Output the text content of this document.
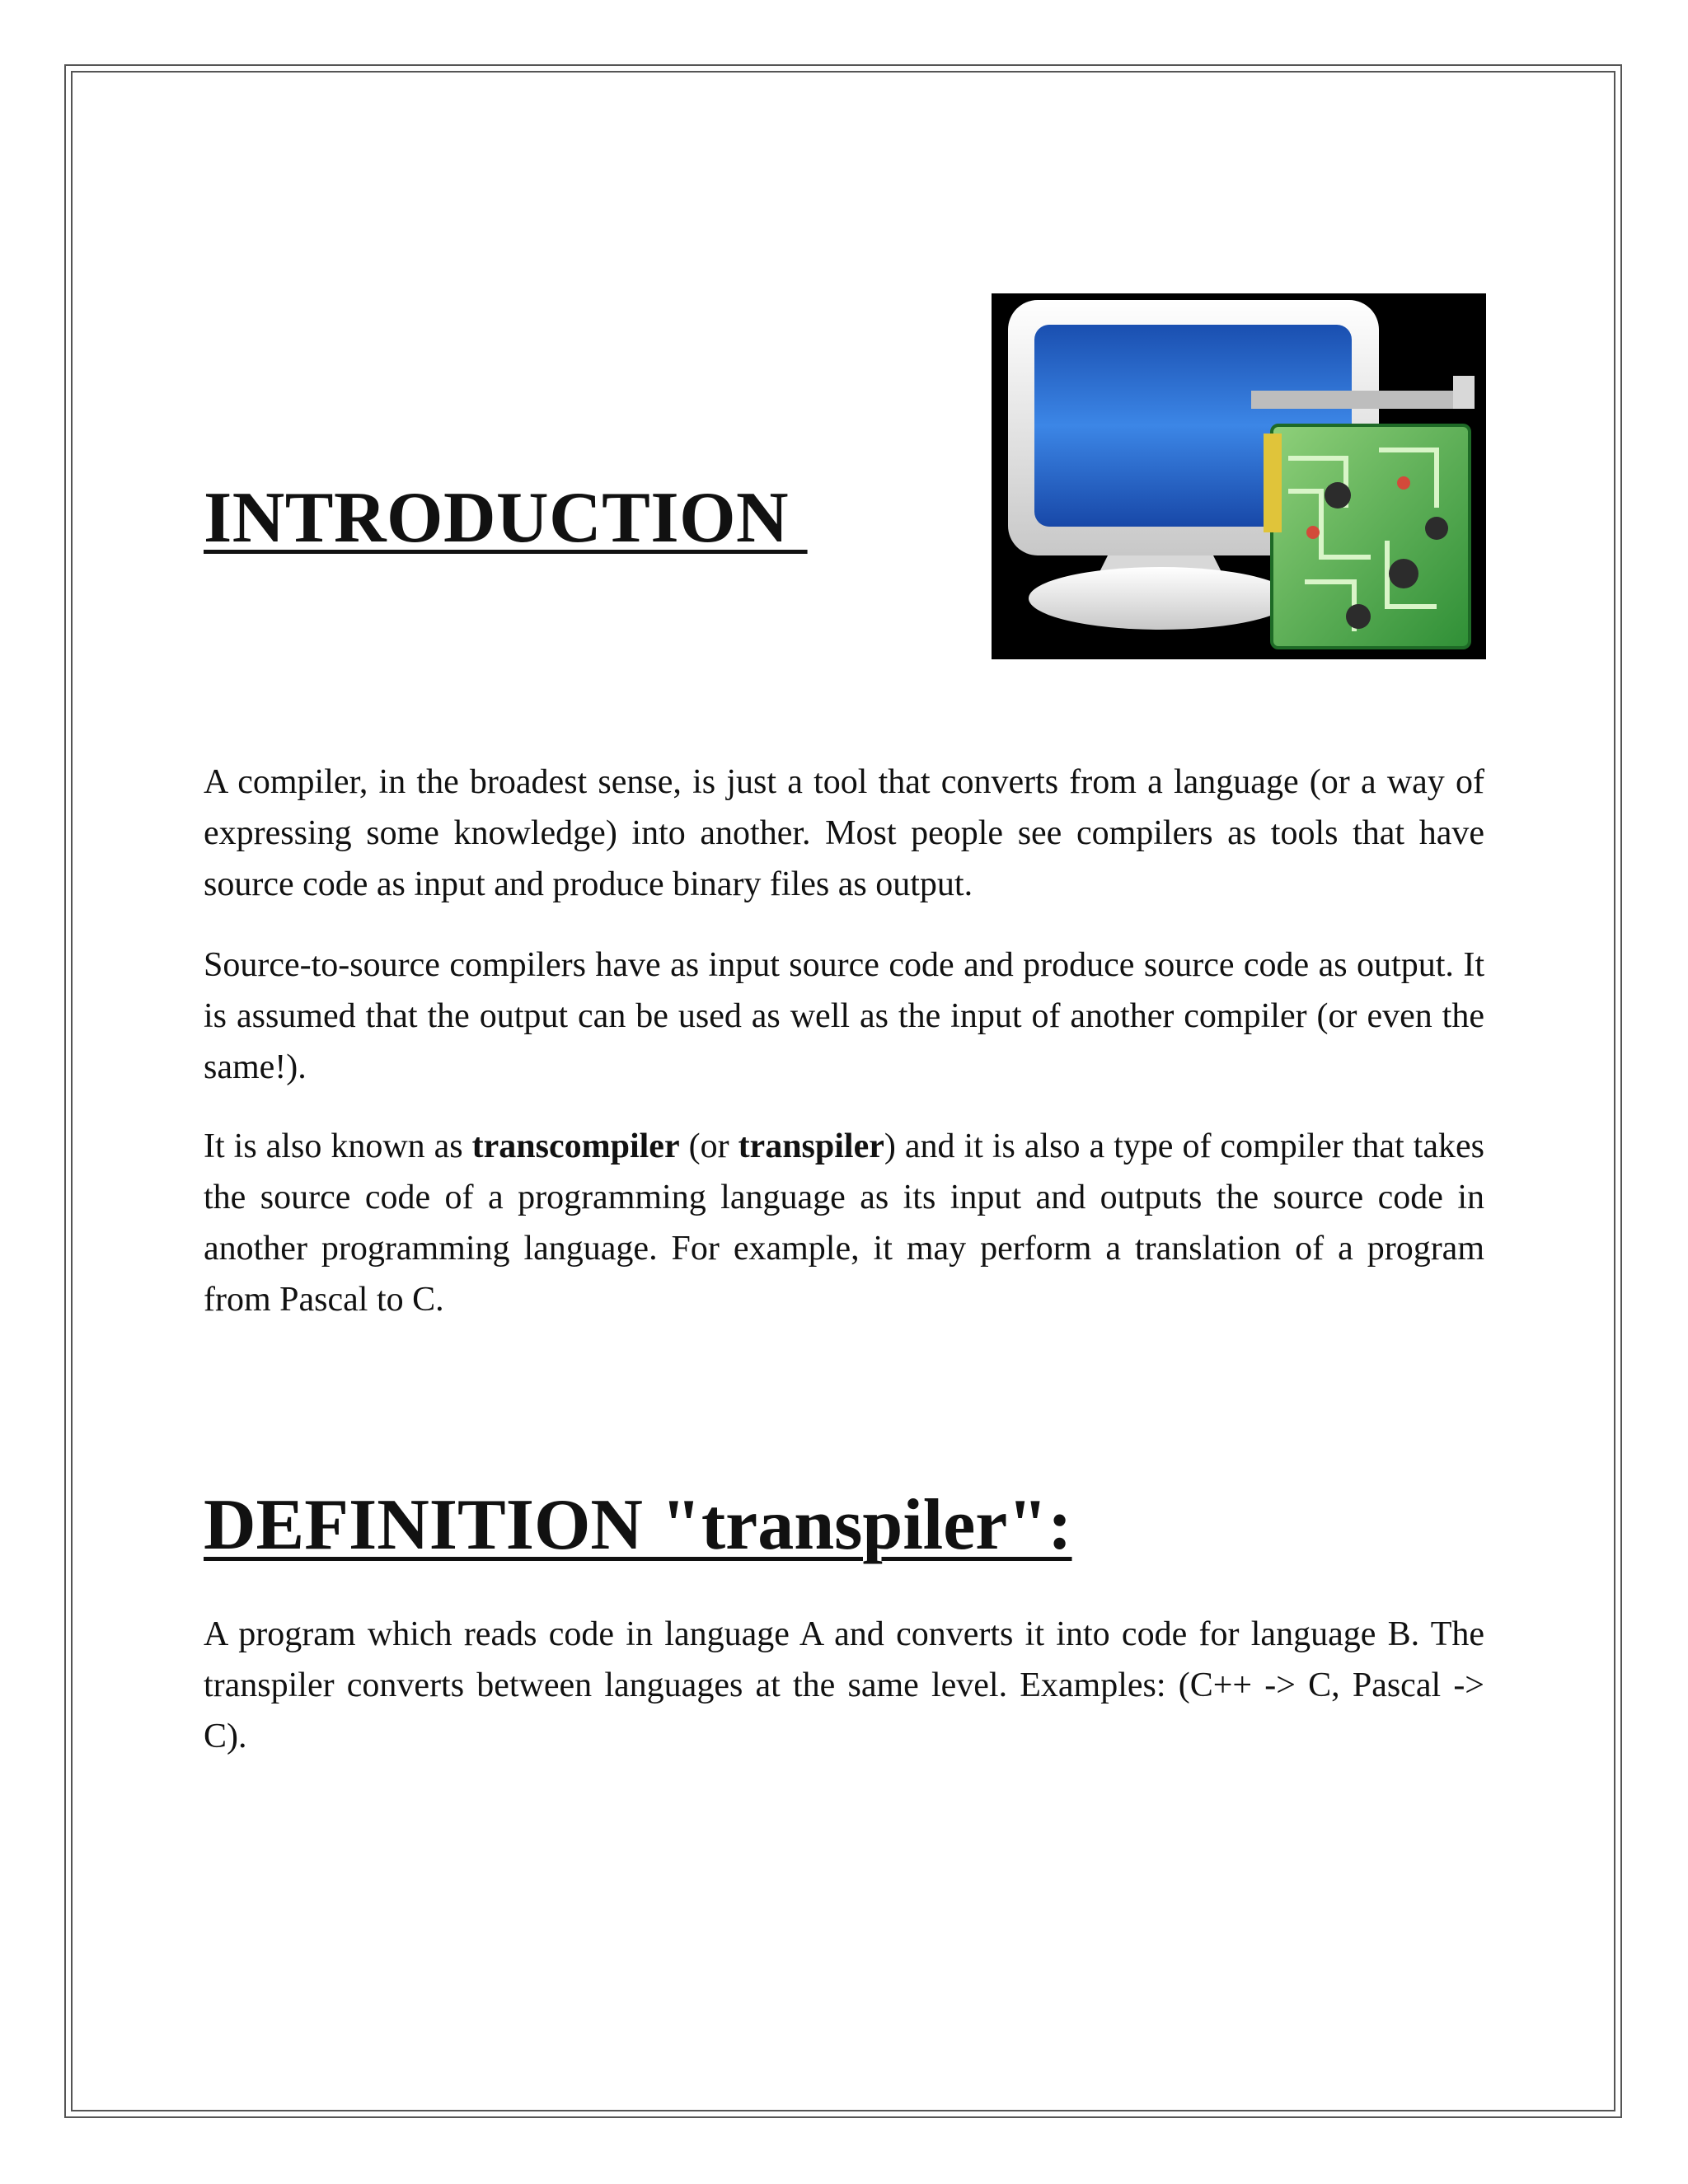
INTRODUCTION

A compiler, in the broadest sense, is just a tool that converts from a language (or a way of expressing some knowledge) into another. Most people see compilers as tools that have source code as input and produce binary files as output.

Source-to-source compilers have as input source code and produce source code as output. It is assumed that the output can be used as well as the input of another compiler (or even the same!).

It is also known as transcompiler (or transpiler) and it is also a type of compiler that takes the source code of a programming language as its input and outputs the source code in another programming language. For example, it may perform a translation of a program from Pascal to C.

DEFINITION "transpiler":

A program which reads code in language A and converts it into code for language B. The transpiler converts between languages at the same level. Examples: (C++ -> C, Pascal -> C).
